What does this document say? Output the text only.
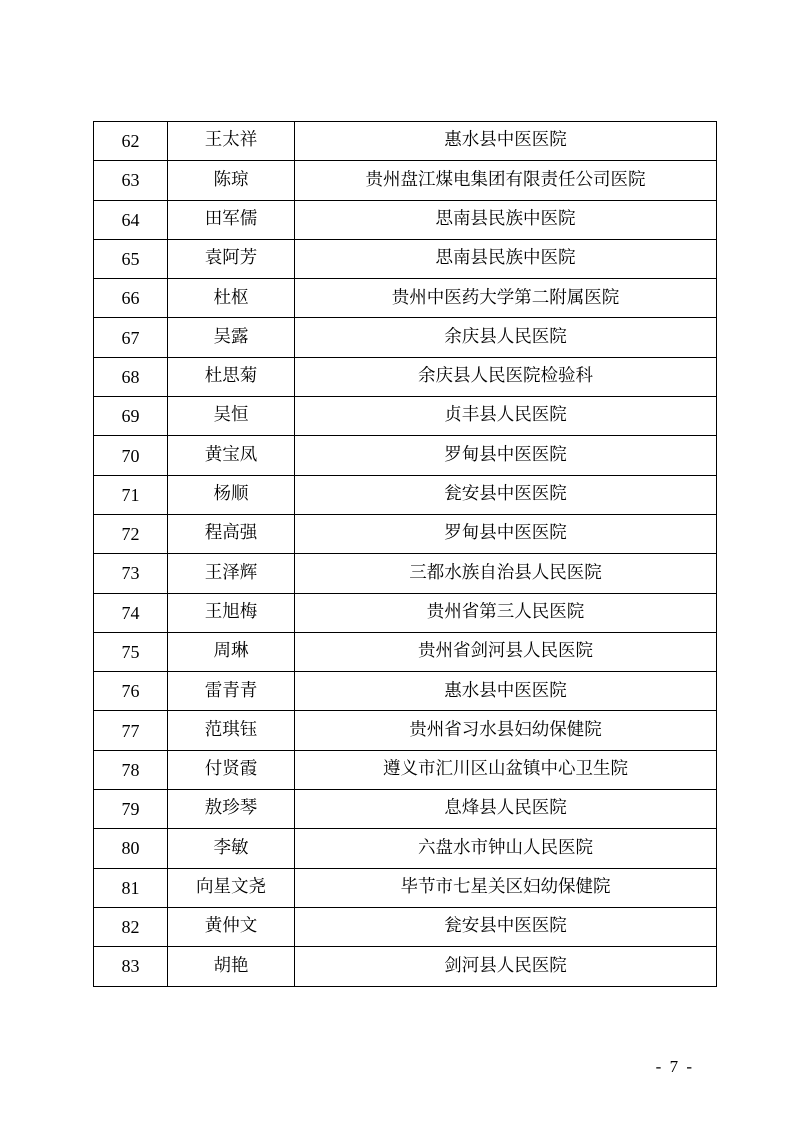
62	王太祥	惠水县中医医院
63	陈琼	贵州盘江煤电集团有限责任公司医院
64	田军儒	思南县民族中医院
65	袁阿芳	思南县民族中医院
66	杜枢	贵州中医药大学第二附属医院
67	吴露	余庆县人民医院
68	杜思菊	余庆县人民医院检验科
69	吴恒	贞丰县人民医院
70	黄宝凤	罗甸县中医医院
71	杨顺	瓮安县中医医院
72	程高强	罗甸县中医医院
73	王泽辉	三都水族自治县人民医院
74	王旭梅	贵州省第三人民医院
75	周琳	贵州省剑河县人民医院
76	雷青青	惠水县中医医院
77	范琪钰	贵州省习水县妇幼保健院
78	付贤霞	遵义市汇川区山盆镇中心卫生院
79	敖珍琴	息烽县人民医院
80	李敏	六盘水市钟山人民医院
81	向星文尧	毕节市七星关区妇幼保健院
82	黄仲文	瓮安县中医医院
83	胡艳	剑河县人民医院
- 7 -
